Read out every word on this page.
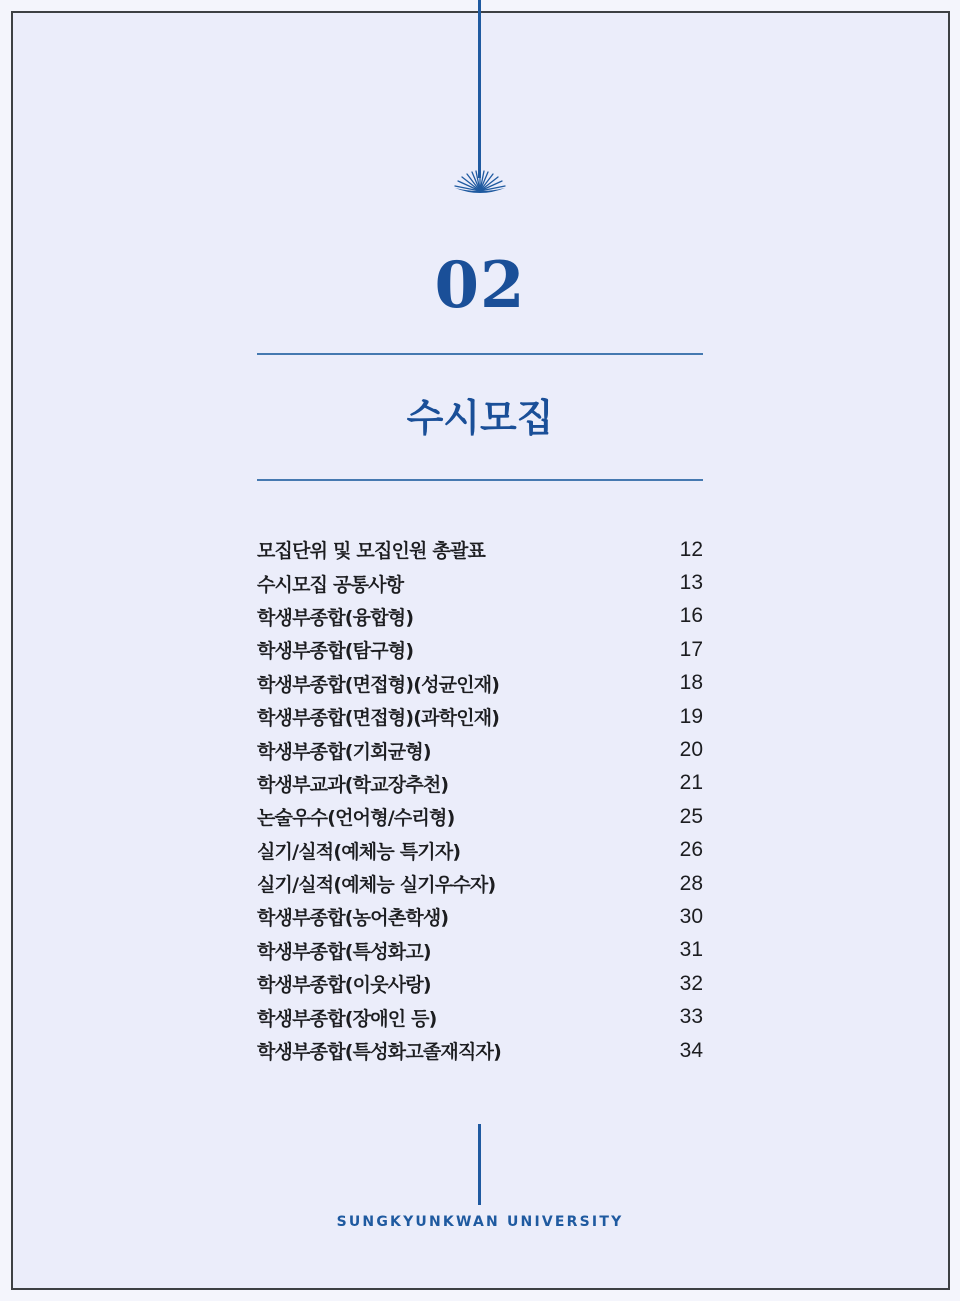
02
수시모집
모집단위 및 모집인원 총괄표	12
수시모집 공통사항	13
학생부종합(융합형)	16
학생부종합(탐구형)	17
학생부종합(면접형)(성균인재)	18
학생부종합(면접형)(과학인재)	19
학생부종합(기회균형)	20
학생부교과(학교장추천)	21
논술우수(언어형/수리형)	25
실기/실적(예체능 특기자)	26
실기/실적(예체능 실기우수자)	28
학생부종합(농어촌학생)	30
학생부종합(특성화고)	31
학생부종합(이웃사랑)	32
학생부종합(장애인 등)	33
학생부종합(특성화고졸재직자)	34
SUNGKYUNKWAN UNIVERSITY
